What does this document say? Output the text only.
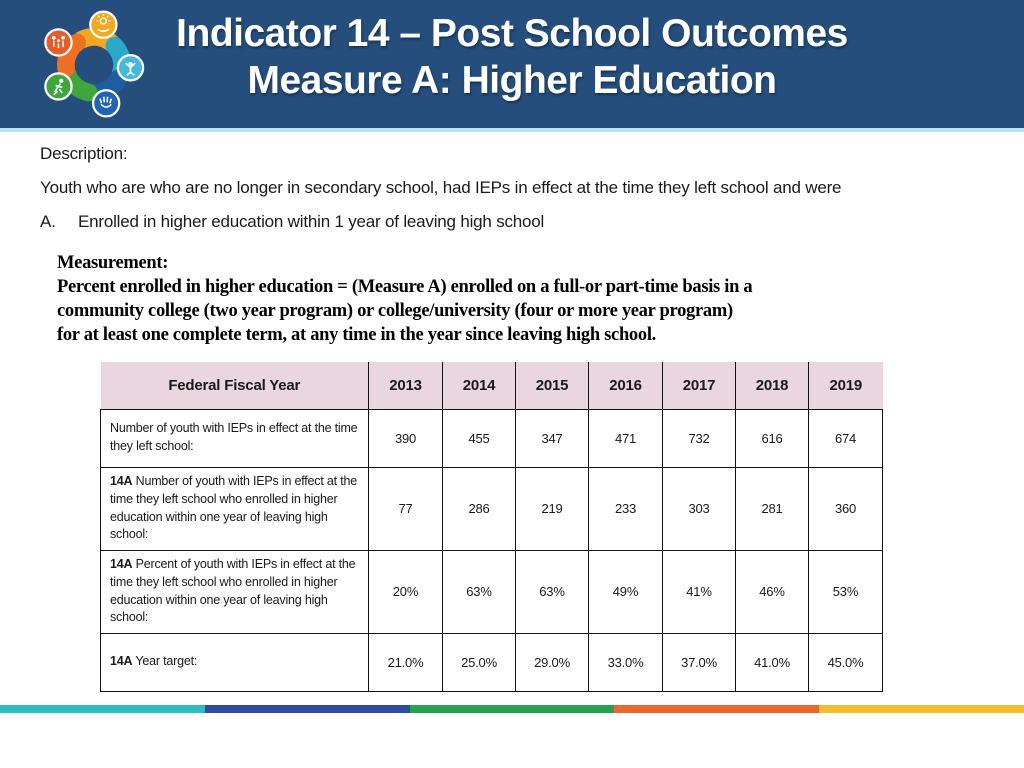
Indicator 14 – Post School Outcomes
Measure A: Higher Education
Description:
Youth who are who are no longer in secondary school, had IEPs in effect at the time they left school and were
A. Enrolled in higher education within 1 year of leaving high school
Measurement:
Percent enrolled in higher education = (Measure A) enrolled on a full-or part-time basis in a
community college (two year program) or college/university (four or more year program)
for at least one complete term, at any time in the year since leaving high school.
Federal Fiscal Year	2013	2014	2015	2016	2017	2018	2019
Number of youth with IEPs in effect at the time they left school:	390	455	347	471	732	616	674
14A Number of youth with IEPs in effect at the time they left school who enrolled in higher education within one year of leaving high school:	77	286	219	233	303	281	360
14A Percent of youth with IEPs in effect at the time they left school who enrolled in higher education within one year of leaving high school:	20%	63%	63%	49%	41%	46%	53%
14A Year target:	21.0%	25.0%	29.0%	33.0%	37.0%	41.0%	45.0%
